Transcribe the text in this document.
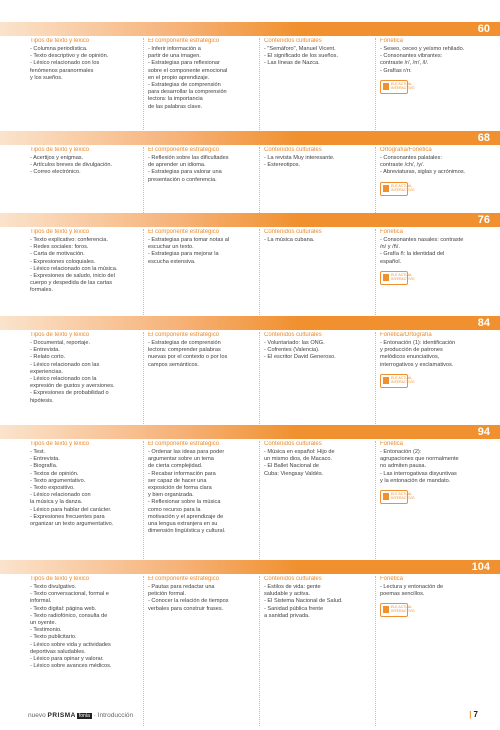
60
Tipos de texto y léxico
- Columna periodística.
- Texto descriptivo y de opinión.
- Léxico relacionado con los
fenómenos paranormales
y los sueños.
El componente estratégico
- Inferir información a
partir de una imagen.
- Estrategias para reflexionar
sobre el componente emocional
en el propio aprendizaje.
- Estrategias de comprensión
para desarrollar la comprensión
lectora: la importancia
de las palabras clave.
Contenidos culturales
- "Semáforo", Manuel Vicent.
- El significado de los sueños.
- Las líneas de Nazca.
Fonética
- Seseo, ceceo y yeísmo rehilado.
- Consonantes vibrantes:
contraste /r/, /rr/, /l/.
- Grafías r/rr.
ELE ACTUAL INTERACTIVO
68
Tipos de texto y léxico
- Acertijos y enigmas.
- Artículos breves de divulgación.
- Correo electrónico.
El componente estratégico
- Reflexión sobre las dificultades
de aprender un idioma.
- Estrategias para valorar una
presentación o conferencia.
Contenidos culturales
- La revista Muy interesante.
- Estereotipos.
Ortografía/Fonética
- Consonantes palatales:
contraste /ch/, /y/.
- Abreviaturas, siglas y acrónimos.
ELE ACTUAL INTERACTIVO
76
Tipos de texto y léxico
- Texto explicativo: conferencia.
- Redes sociales: foros.
- Carta de motivación.
- Expresiones coloquiales.
- Léxico relacionado con la música.
- Expresiones de saludo, inicio del
cuerpo y despedida de las cartas
formales.
El componente estratégico
- Estrategias para tomar notas al
escuchar un texto.
- Estrategias para mejorar la
escucha extensiva.
Contenidos culturales
- La música cubana.
Fonética
- Consonantes nasales: contraste
/n/ y /ñ/.
- Grafía ñ: la identidad del
español.
ELE ACTUAL INTERACTIVO
84
Tipos de texto y léxico
- Documental, reportaje.
- Entrevista.
- Relato corto.
- Léxico relacionado con las
experiencias.
- Léxico relacionado con la
expresión de gustos y aversiones.
- Expresiones de probabilidad o
hipótesis.
El componente estratégico
- Estrategias de comprensión
lectora: comprender palabras
nuevas por el contexto o por los
campos semánticos.
Contenidos culturales
- Voluntariado: las ONG.
- Cofrentes (Valencia).
- El escritor David Generoso.
Fonética/Ortografía
- Entonación (1): identificación
y producción de patrones
melódicos enunciativos,
interrogativos y exclamativos.
ELE ACTUAL INTERACTIVO
94
Tipos de texto y léxico
- Test.
- Entrevista.
- Biografía.
- Textos de opinión.
- Texto argumentativo.
- Texto expositivo.
- Léxico relacionado con
la música y la danza.
- Léxico para hablar del carácter.
- Expresiones frecuentes para
organizar un texto argumentativo.
El componente estratégico
- Ordenar las ideas para poder
argumentar sobre un tema
de cierta complejidad.
- Recabar información para
ser capaz de hacer una
exposición de forma clara
y bien organizada.
- Reflexionar sobre la música
como recurso para la
motivación y el aprendizaje de
una lengua extranjera en su
dimensión lingüística y cultural.
Contenidos culturales
- Música en español: Hijo de
un mismo dios, de Macaco.
- El Ballet Nacional de
Cuba: Viengsay Valdés.
Fonética
- Entonación (2):
agrupaciones que normalmente
no admiten pausa.
- Las interrogativas disyuntivas
y la entonación de mandato.
ELE ACTUAL INTERACTIVO
104
Tipos de texto y léxico
- Texto divulgativo.
- Texto conversacional, formal e
informal.
- Texto digital: página web.
- Texto radiofónico, consulta de
un oyente.
- Testimonio.
- Texto publicitario.
- Léxico sobre vida y actividades
deportivas saludables.
- Léxico para opinar y valorar.
- Léxico sobre avances médicos.
El componente estratégico
- Pautas para redactar una
petición formal.
- Conocer la relación de tiempos
verbales para construir frases.
Contenidos culturales
- Estilos de vida: gente
saludable y activa.
- El Sistema Nacional de Salud.
- Sanidad pública frente
a sanidad privada.
Fonética
- Lectura y entonación de
poemas sencillos.
ELE ACTUAL INTERACTIVO
nuevo PRISMA fonía · Introducción	| 7
